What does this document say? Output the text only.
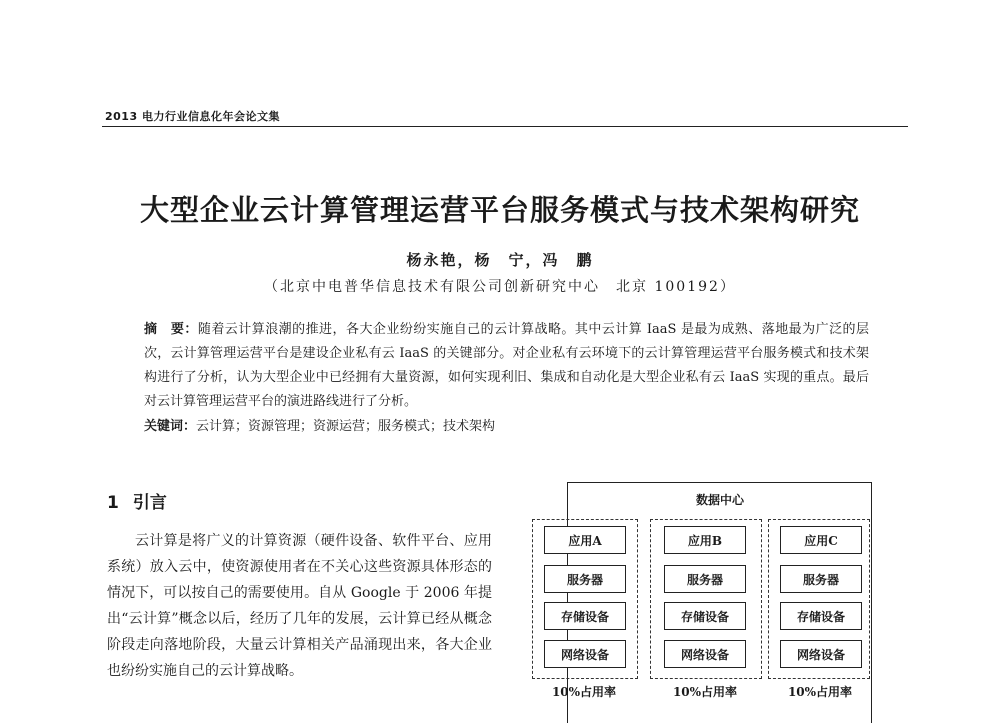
2013 电力行业信息化年会论文集
大型企业云计算管理运营平台服务模式与技术架构研究
杨永艳，杨　宁，冯　鹏
（北京中电普华信息技术有限公司创新研究中心　北京 100192）
摘　要：随着云计算浪潮的推进，各大企业纷纷实施自己的云计算战略。其中云计算 IaaS 是最为成熟、落地最为广泛的层次，云计算管理运营平台是建设企业私有云 IaaS 的关键部分。对企业私有云环境下的云计算管理运营平台服务模式和技术架构进行了分析，认为大型企业中已经拥有大量资源，如何实现利旧、集成和自动化是大型企业私有云 IaaS 实现的重点。最后对云计算管理运营平台的演进路线进行了分析。
关键词：云计算；资源管理；资源运营；服务模式；技术架构
1 引言
云计算是将广义的计算资源（硬件设备、软件平台、应用系统）放入云中，使资源使用者在不关心这些资源具体形态的情况下，可以按自己的需要使用。自从 Google 于 2006 年提出“云计算”概念以后，经历了几年的发展，云计算已经从概念阶段走向落地阶段，大量云计算相关产品涌现出来，各大企业也纷纷实施自己的云计算战略。
数据中心
应用A
服务器
存储设备
网络设备
应用B
服务器
存储设备
网络设备
应用C
服务器
存储设备
网络设备
10%占用率	10%占用率	10%占用率
